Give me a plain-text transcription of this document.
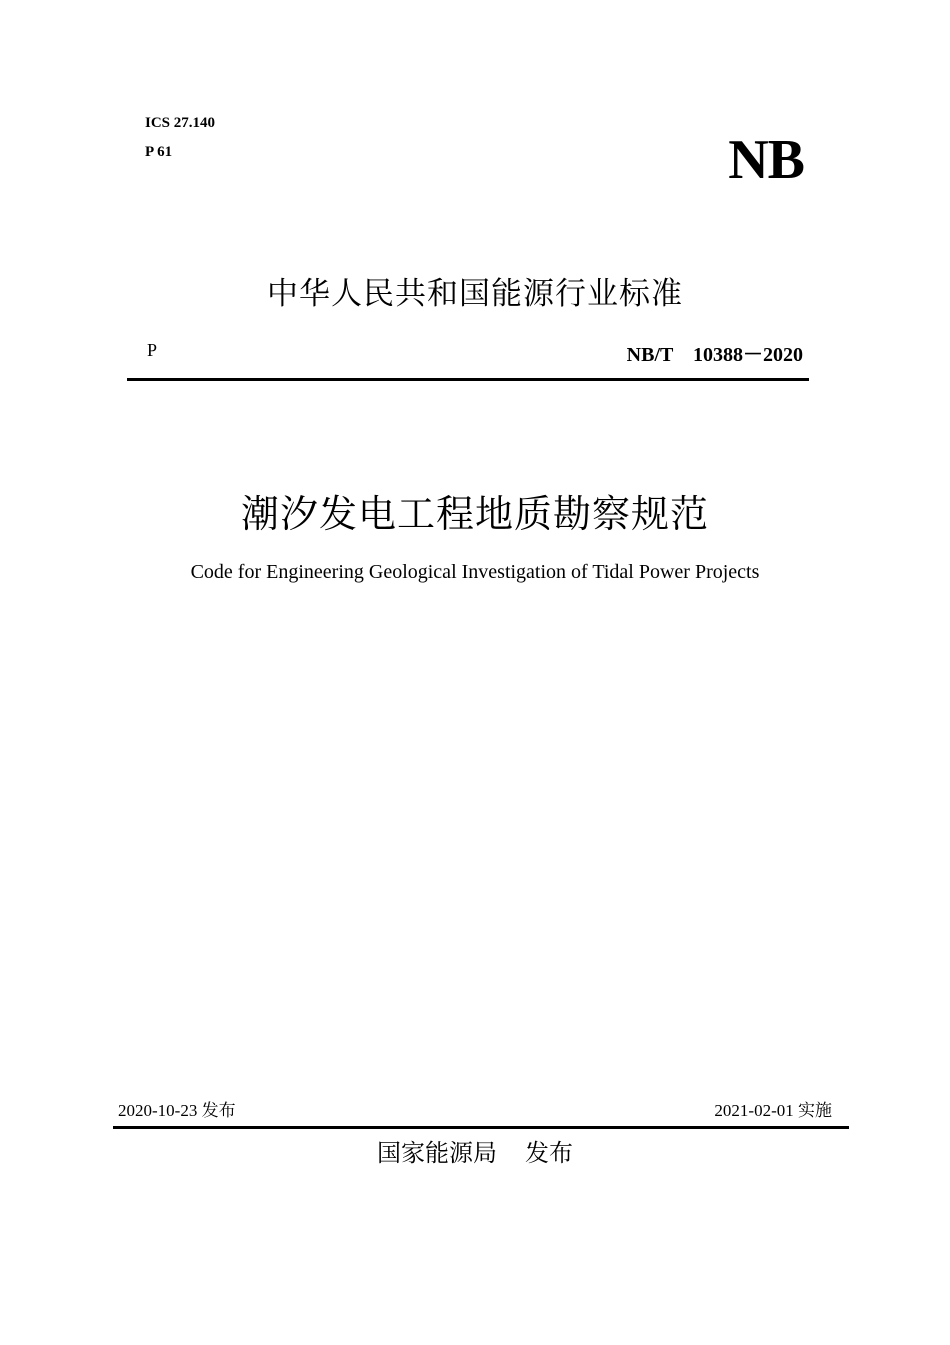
ICS 27.140
P 61	NB
中华人民共和国能源行业标准
P	NB/T　10388－2020
潮汐发电工程地质勘察规范
Code for Engineering Geological Investigation of Tidal Power Projects
2020-10-23 发布	2021-02-01 实施
国家能源局 发布
